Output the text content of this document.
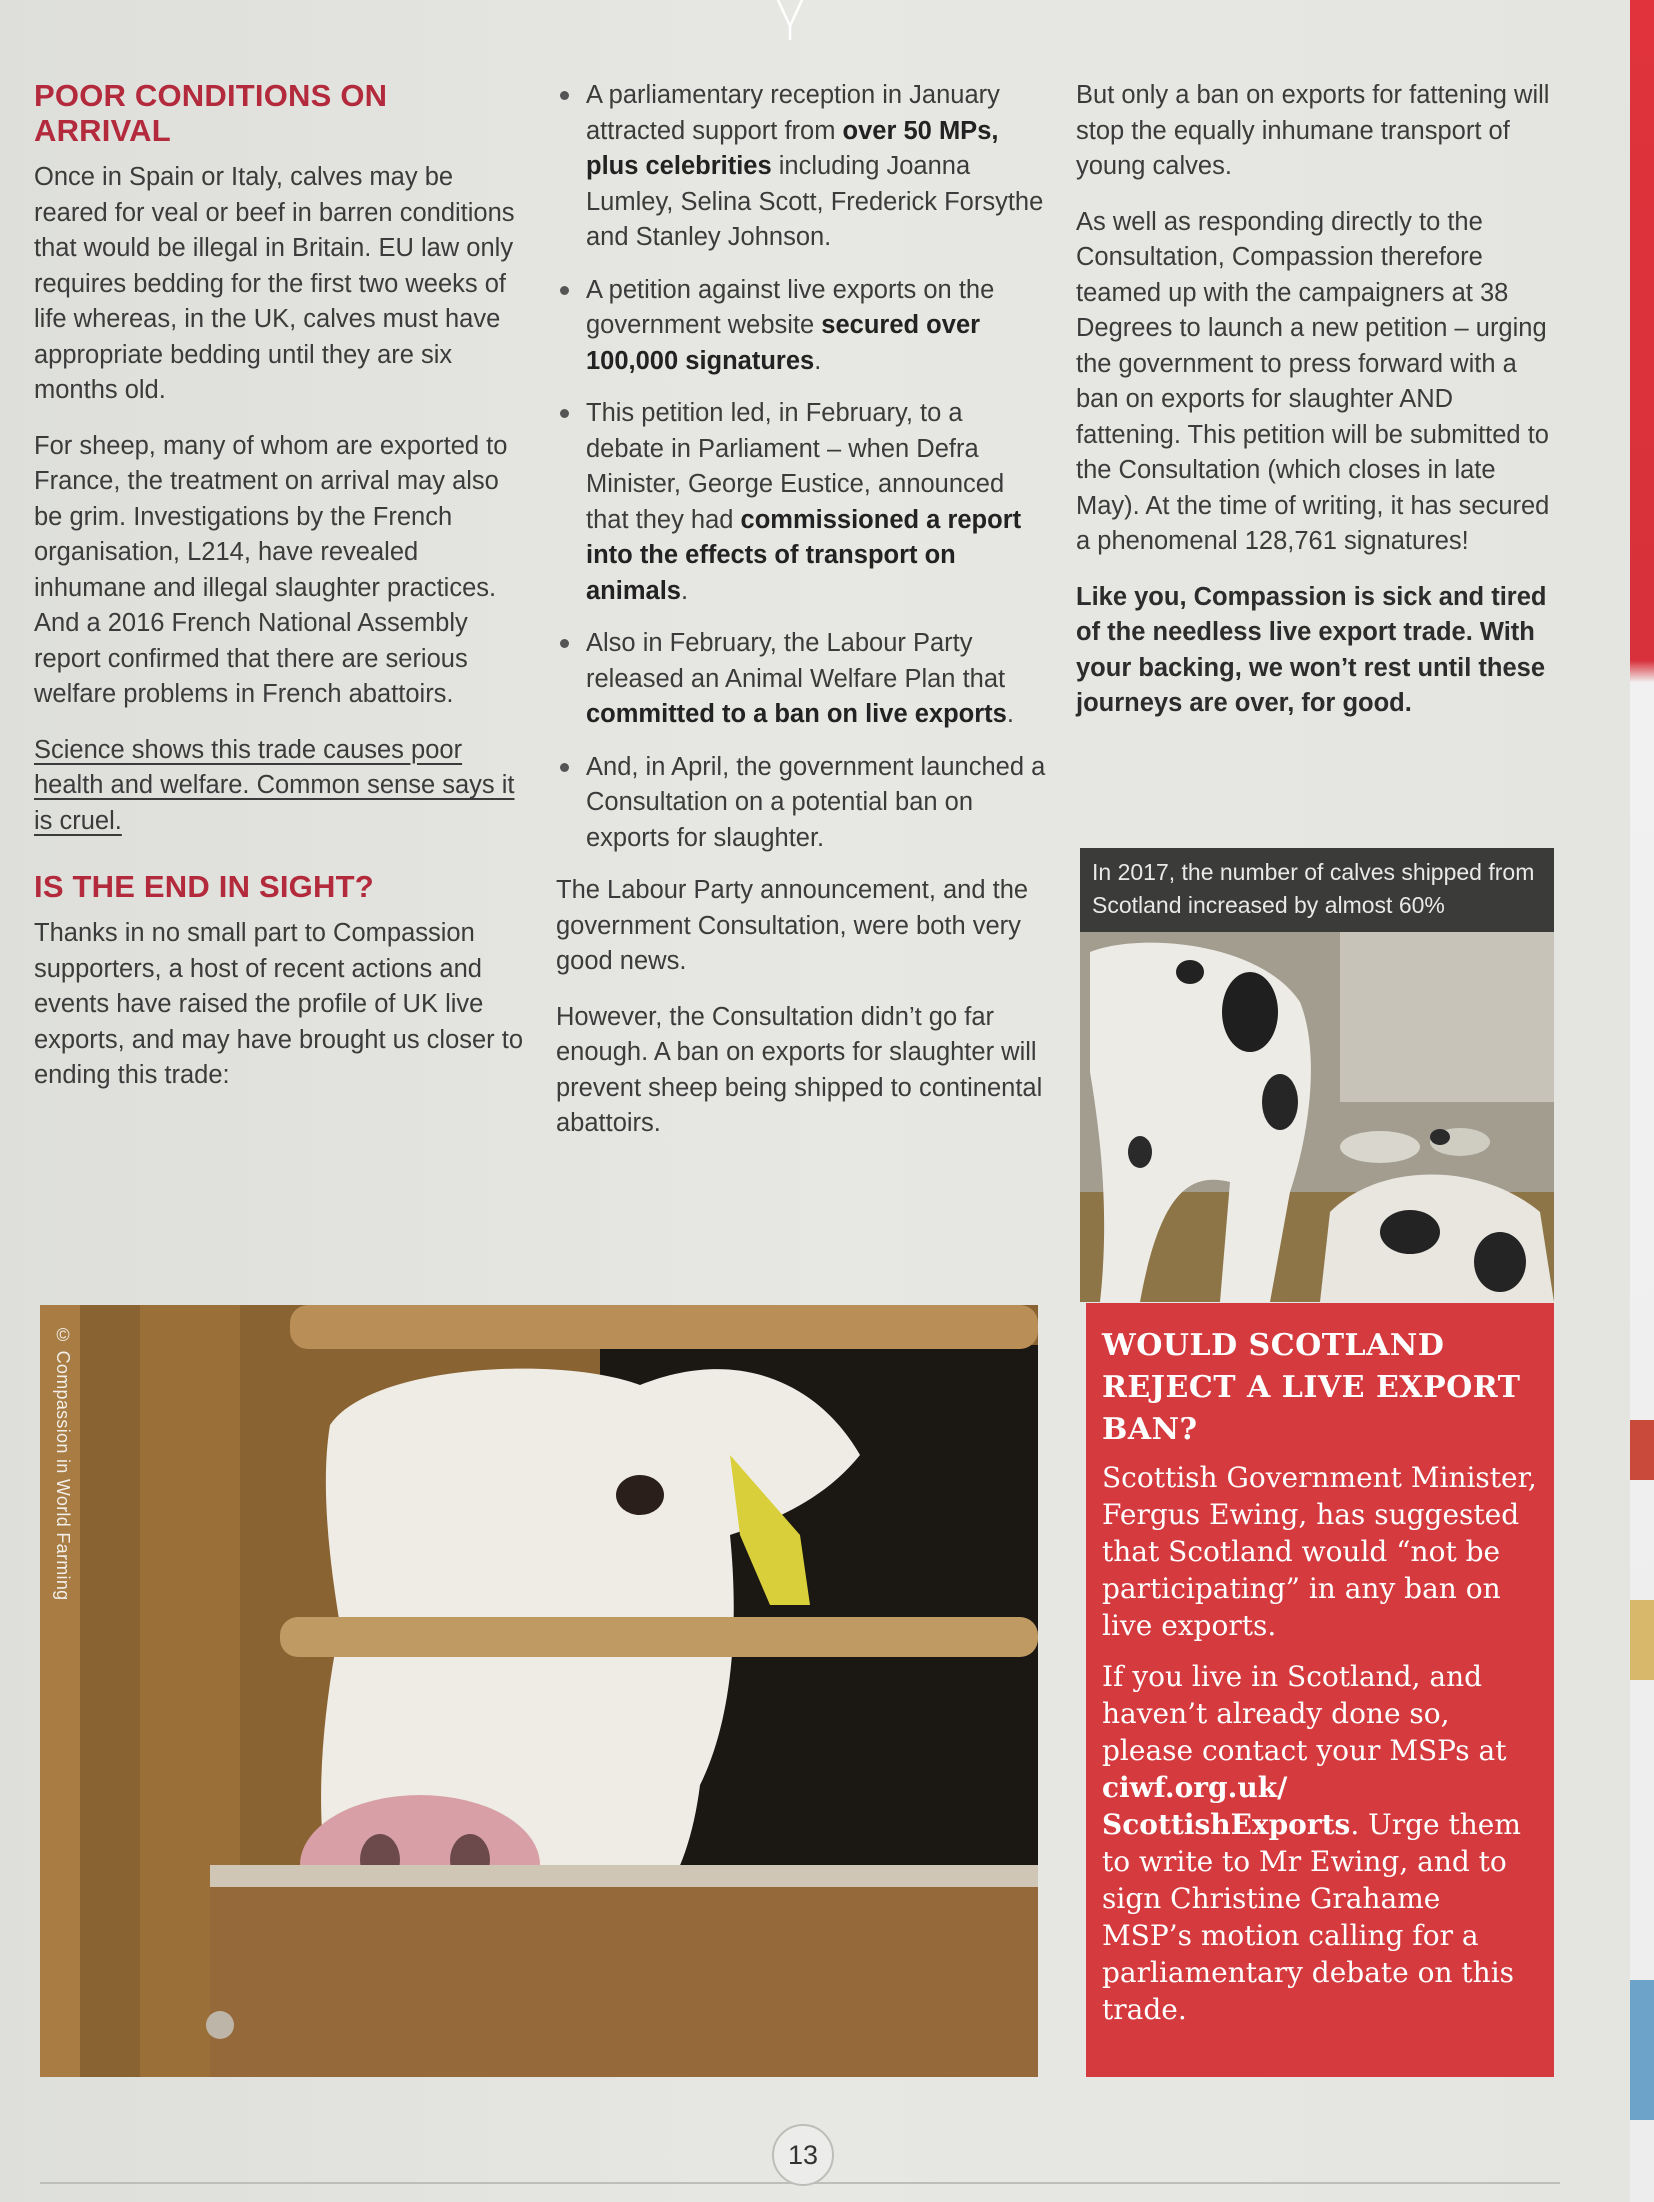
POOR CONDITIONS ON ARRIVAL

Once in Spain or Italy, calves may be reared for veal or beef in barren conditions that would be illegal in Britain. EU law only requires bedding for the first two weeks of life whereas, in the UK, calves must have appropriate bedding until they are six months old.

For sheep, many of whom are exported to France, the treatment on arrival may also be grim. Investigations by the French organisation, L214, have revealed inhumane and illegal slaughter practices. And a 2016 French National Assembly report confirmed that there are serious welfare problems in French abattoirs.

Science shows this trade causes poor health and welfare. Common sense says it is cruel.

IS THE END IN SIGHT?

Thanks in no small part to Compassion supporters, a host of recent actions and events have raised the profile of UK live exports, and may have brought us closer to ending this trade:

A parliamentary reception in January attracted support from over 50 MPs, plus celebrities including Joanna Lumley, Selina Scott, Frederick Forsythe and Stanley Johnson.
A petition against live exports on the government website secured over 100,000 signatures.
This petition led, in February, to a debate in Parliament – when Defra Minister, George Eustice, announced that they had commissioned a report into the effects of transport on animals.
Also in February, the Labour Party released an Animal Welfare Plan that committed to a ban on live exports.
And, in April, the government launched a Consultation on a potential ban on exports for slaughter.

The Labour Party announcement, and the government Consultation, were both very good news.

However, the Consultation didn’t go far enough. A ban on exports for slaughter will prevent sheep being shipped to continental abattoirs.

But only a ban on exports for fattening will stop the equally inhumane transport of young calves.

As well as responding directly to the Consultation, Compassion therefore teamed up with the campaigners at 38 Degrees to launch a new petition – urging the government to press forward with a ban on exports for slaughter AND fattening. This petition will be submitted to the Consultation (which closes in late May). At the time of writing, it has secured a phenomenal 128,761 signatures!

Like you, Compassion is sick and tired of the needless live export trade. With your backing, we won’t rest until these journeys are over, for good.

In 2017, the number of calves shipped from Scotland increased by almost 60%
© Compassion in World Farming	WOULD SCOTLAND REJECT A LIVE EXPORT BAN?

Scottish Government Minister, Fergus Ewing, has suggested that Scotland would “not be participating” in any ban on live exports.

If you live in Scotland, and haven’t already done so, please contact your MSPs at ciwf.org.uk/ ScottishExports. Urge them to write to Mr Ewing, and to sign Christine Grahame MSP’s motion calling for a parliamentary debate on this trade.

13
